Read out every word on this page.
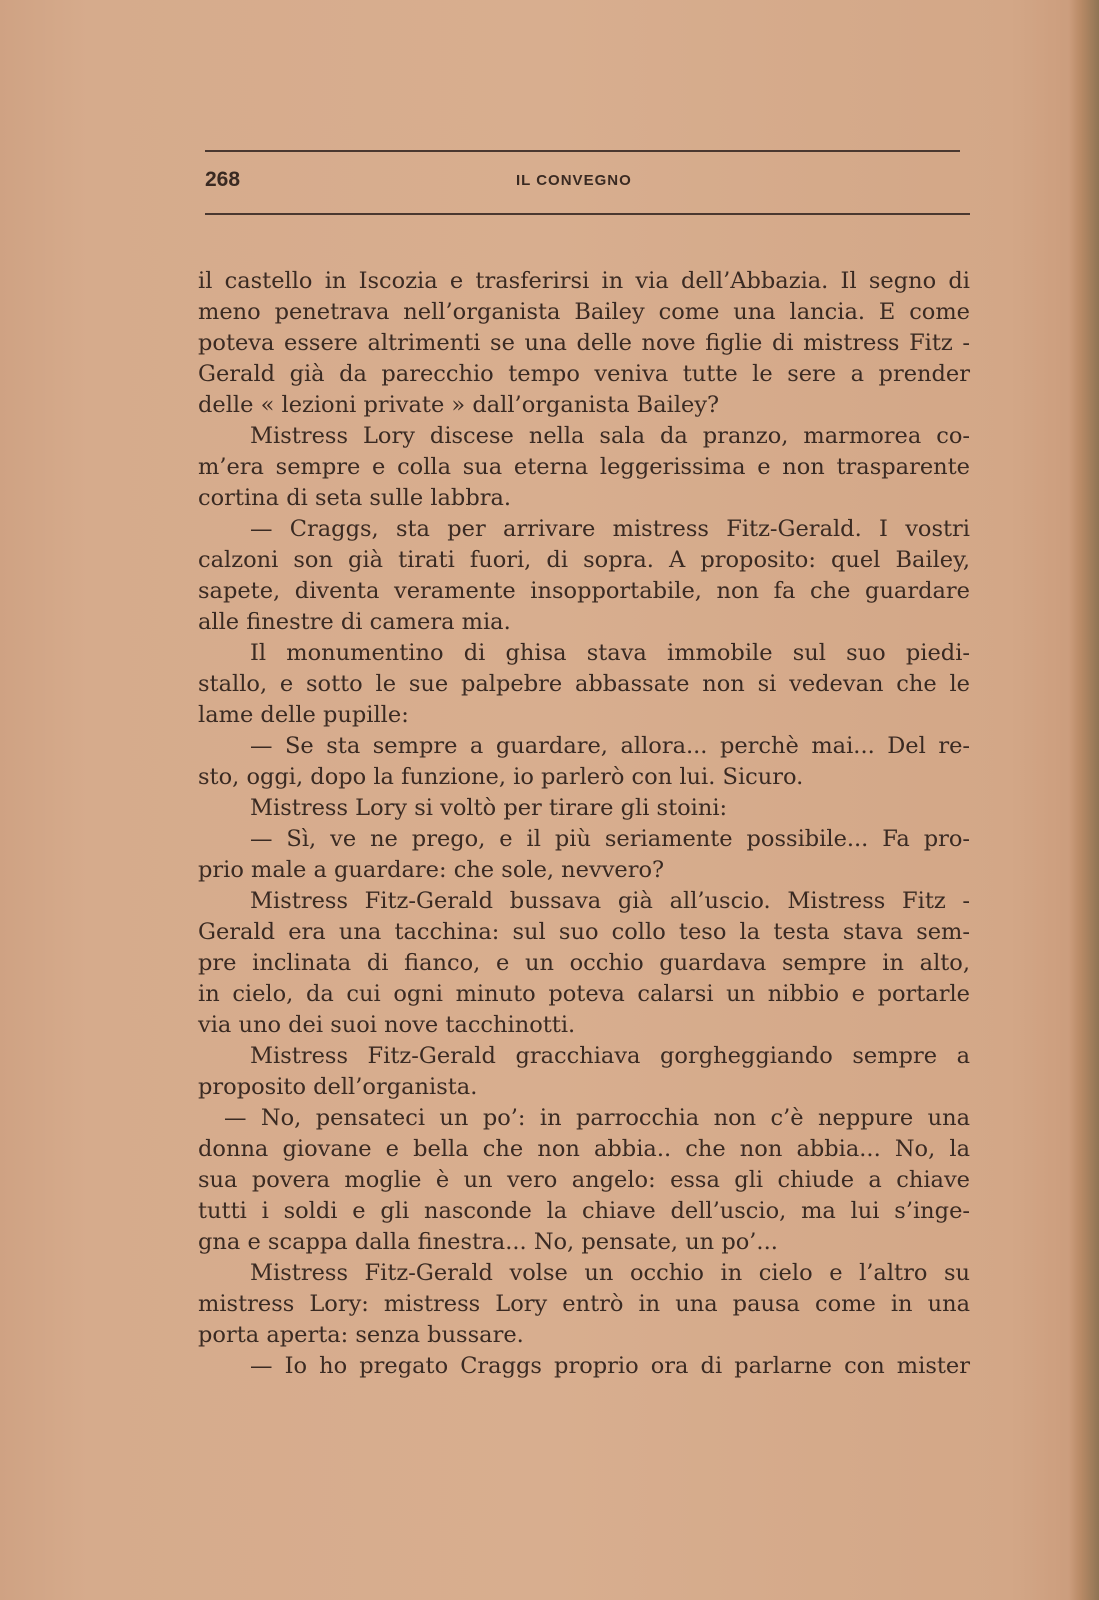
268	IL CONVEGNO
il castello in Iscozia e trasferirsi in via dell’Abbazia. Il segno di
meno penetrava nell’organista Bailey come una lancia. E come
poteva essere altrimenti se una delle nove figlie di mistress Fitz -
Gerald già da parecchio tempo veniva tutte le sere a prender
delle « lezioni private » dall’organista Bailey?
Mistress Lory discese nella sala da pranzo, marmorea co-
m’era sempre e colla sua eterna leggerissima e non trasparente
cortina di seta sulle labbra.
— Craggs, sta per arrivare mistress Fitz-Gerald. I vostri
calzoni son già tirati fuori, di sopra. A proposito: quel Bailey,
sapete, diventa veramente insopportabile, non fa che guardare
alle finestre di camera mia.
Il monumentino di ghisa stava immobile sul suo piedi-
stallo, e sotto le sue palpebre abbassate non si vedevan che le
lame delle pupille:
— Se sta sempre a guardare, allora... perchè mai... Del re-
sto, oggi, dopo la funzione, io parlerò con lui. Sicuro.
Mistress Lory si voltò per tirare gli stoini:
— Sì, ve ne prego, e il più seriamente possibile... Fa pro-
prio male a guardare: che sole, nevvero?
Mistress Fitz-Gerald bussava già all’uscio. Mistress Fitz -
Gerald era una tacchina: sul suo collo teso la testa stava sem-
pre inclinata di fianco, e un occhio guardava sempre in alto,
in cielo, da cui ogni minuto poteva calarsi un nibbio e portarle
via uno dei suoi nove tacchinotti.
Mistress Fitz-Gerald gracchiava gorgheggiando sempre a
proposito dell’organista.
— No, pensateci un po’: in parrocchia non c’è neppure una
donna giovane e bella che non abbia.. che non abbia... No, la
sua povera moglie è un vero angelo: essa gli chiude a chiave
tutti i soldi e gli nasconde la chiave dell’uscio, ma lui s’inge-
gna e scappa dalla finestra... No, pensate, un po’...
Mistress Fitz-Gerald volse un occhio in cielo e l’altro su
mistress Lory: mistress Lory entrò in una pausa come in una
porta aperta: senza bussare.
— Io ho pregato Craggs proprio ora di parlarne con mister
